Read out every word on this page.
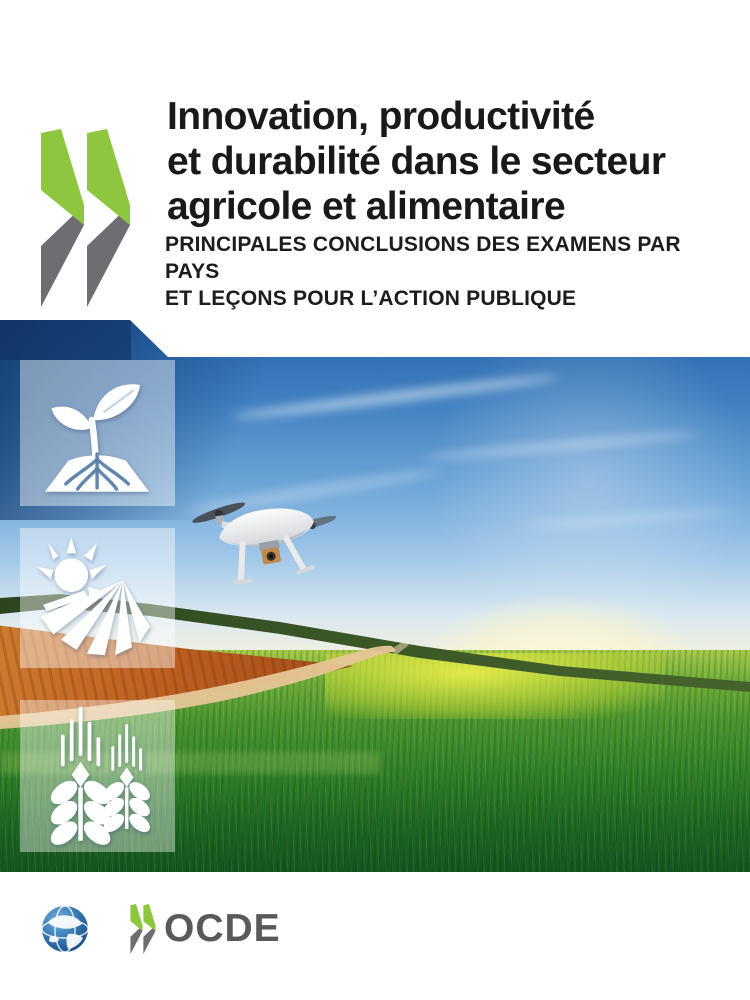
Innovation, productivité
et durabilité dans le secteur
agricole et alimentaire
PRINCIPALES CONCLUSIONS DES EXAMENS PAR PAYS
ET LEÇONS POUR L’ACTION PUBLIQUE
OCDE
